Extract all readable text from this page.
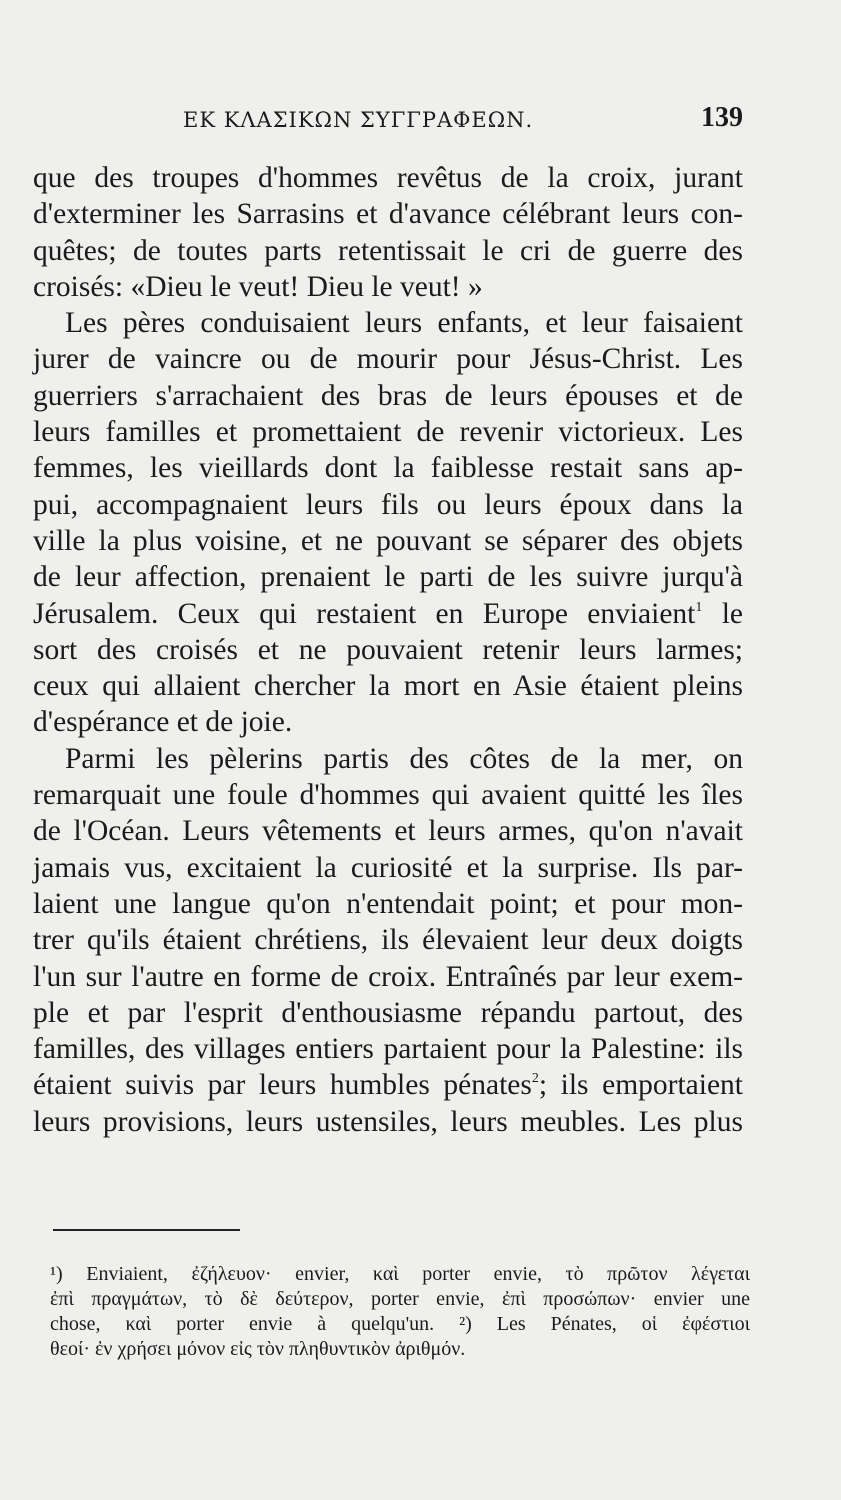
ΕΚ ΚΛΑΣΙΚΩΝ ΣΥΓΓΡΑΦΕΩΝ.	139
que des troupes d'hommes revêtus de la croix, jurant
d'exterminer les Sarrasins et d'avance célébrant leurs con-
quêtes; de toutes parts retentissait le cri de guerre des
croisés: «Dieu le veut! Dieu le veut! »
Les pères conduisaient leurs enfants, et leur faisaient
jurer de vaincre ou de mourir pour Jésus-Christ. Les
guerriers s'arrachaient des bras de leurs épouses et de
leurs familles et promettaient de revenir victorieux. Les
femmes, les vieillards dont la faiblesse restait sans ap-
pui, accompagnaient leurs fils ou leurs époux dans la
ville la plus voisine, et ne pouvant se séparer des objets
de leur affection, prenaient le parti de les suivre jurqu'à
Jérusalem. Ceux qui restaient en Europe enviaient$^1$ le
sort des croisés et ne pouvaient retenir leurs larmes;
ceux qui allaient chercher la mort en Asie étaient pleins
d'espérance et de joie.
Parmi les pèlerins partis des côtes de la mer, on
remarquait une foule d'hommes qui avaient quitté les îles
de l'Océan. Leurs vêtements et leurs armes, qu'on n'avait
jamais vus, excitaient la curiosité et la surprise. Ils par-
laient une langue qu'on n'entendait point; et pour mon-
trer qu'ils étaient chrétiens, ils élevaient leur deux doigts
l'un sur l'autre en forme de croix. Entraînés par leur exem-
ple et par l'esprit d'enthousiasme répandu partout, des
familles, des villages entiers partaient pour la Palestine: ils
étaient suivis par leurs humbles pénates$^2$; ils emportaient
leurs provisions, leurs ustensiles, leurs meubles. Les plus
¹) Enviaient, ἐζήλευον· envier, καὶ porter envie, τὸ πρῶτον λέγεται
ἐπὶ πραγμάτων, τὸ δὲ δεύτερον, porter envie, ἐπὶ προσώπων· envier une
chose, καὶ porter envie à quelqu'un. ²) Les Pénates, οἱ ἐφέστιοι
θεοί· ἐν χρήσει μόνον εἰς τὸν πληθυντικὸν ἀριθμόν.
